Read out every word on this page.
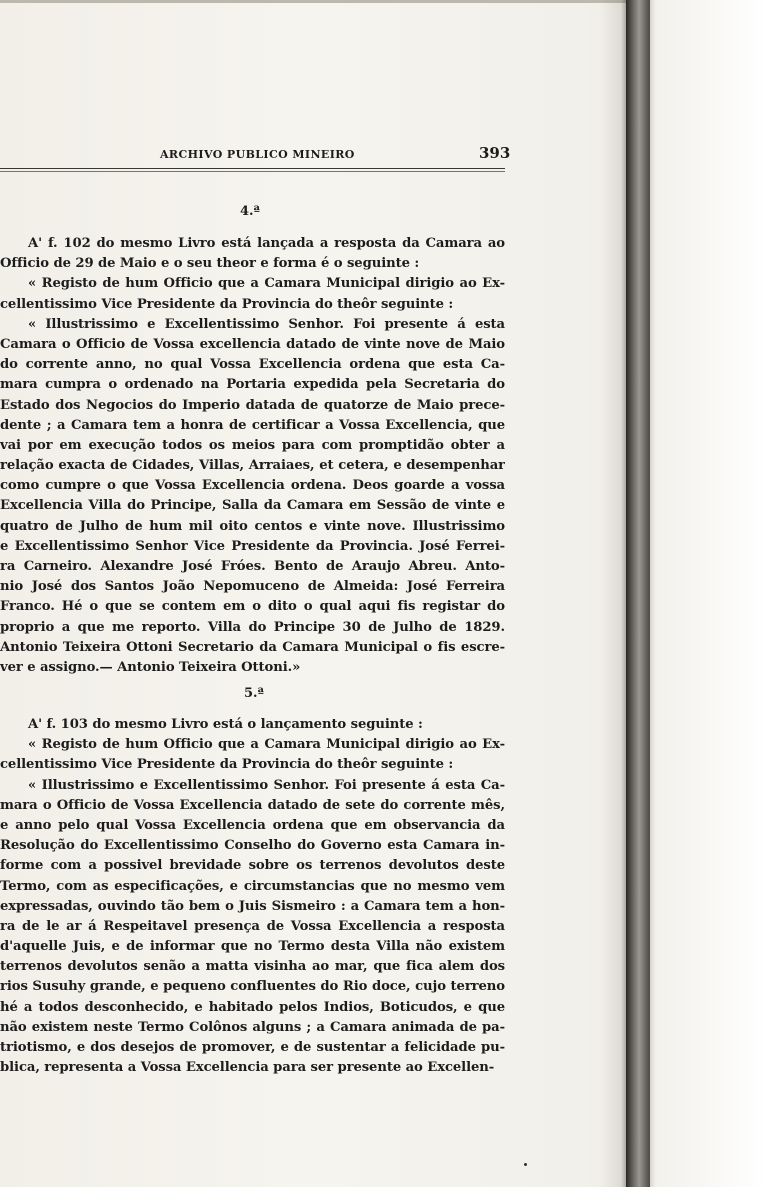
ARCHIVO PUBLICO MINEIRO	393
4.ª
A' f. 102 do mesmo Livro está lançada a resposta da Camara ao
Officio de 29 de Maio e o seu theor e forma é o seguinte :
« Registo de hum Officio que a Camara Municipal dirigio ao Ex-
cellentissimo Vice Presidente da Provincia do theôr seguinte :
« Illustrissimo e Excellentissimo Senhor. Foi presente á esta
Camara o Officio de Vossa excellencia datado de vinte nove de Maio
do corrente anno, no qual Vossa Excellencia ordena que esta Ca-
mara cumpra o ordenado na Portaria expedida pela Secretaria do
Estado dos Negocios do Imperio datada de quatorze de Maio prece-
dente ; a Camara tem a honra de certificar a Vossa Excellencia, que
vai por em execução todos os meios para com promptidão obter a
relação exacta de Cidades, Villas, Arraiaes, et cetera, e desempenhar
como cumpre o que Vossa Excellencia ordena. Deos goarde a vossa
Excellencia Villa do Principe, Salla da Camara em Sessão de vinte e
quatro de Julho de hum mil oito centos e vinte nove. Illustrissimo
e Excellentissimo Senhor Vice Presidente da Provincia. José Ferrei-
ra Carneiro. Alexandre José Fróes. Bento de Araujo Abreu. Anto-
nio José dos Santos João Nepomuceno de Almeida: José Ferreira
Franco. Hé o que se contem em o dito o qual aqui fis registar do
proprio a que me reporto. Villa do Principe 30 de Julho de 1829.
Antonio Teixeira Ottoni Secretario da Camara Municipal o fis escre-
ver e assigno.— Antonio Teixeira Ottoni.»
5.ª
A' f. 103 do mesmo Livro está o lançamento seguinte :
« Registo de hum Officio que a Camara Municipal dirigio ao Ex-
cellentissimo Vice Presidente da Provincia do theôr seguinte :
« Illustrissimo e Excellentissimo Senhor. Foi presente á esta Ca-
mara o Officio de Vossa Excellencia datado de sete do corrente mês,
e anno pelo qual Vossa Excellencia ordena que em observancia da
Resolução do Excellentissimo Conselho do Governo esta Camara in-
forme com a possivel brevidade sobre os terrenos devolutos deste
Termo, com as especificações, e circumstancias que no mesmo vem
expressadas, ouvindo tão bem o Juis Sismeiro : a Camara tem a hon-
ra de le ar á Respeitavel presença de Vossa Excellencia a resposta
d'aquelle Juis, e de informar que no Termo desta Villa não existem
terrenos devolutos senão a matta visinha ao mar, que fica alem dos
rios Susuhy grande, e pequeno confluentes do Rio doce, cujo terreno
hé a todos desconhecido, e habitado pelos Indios, Boticudos, e que
não existem neste Termo Colônos alguns ; a Camara animada de pa-
triotismo, e dos desejos de promover, e de sustentar a felicidade pu-
blica, representa a Vossa Excellencia para ser presente ao Excellen-
